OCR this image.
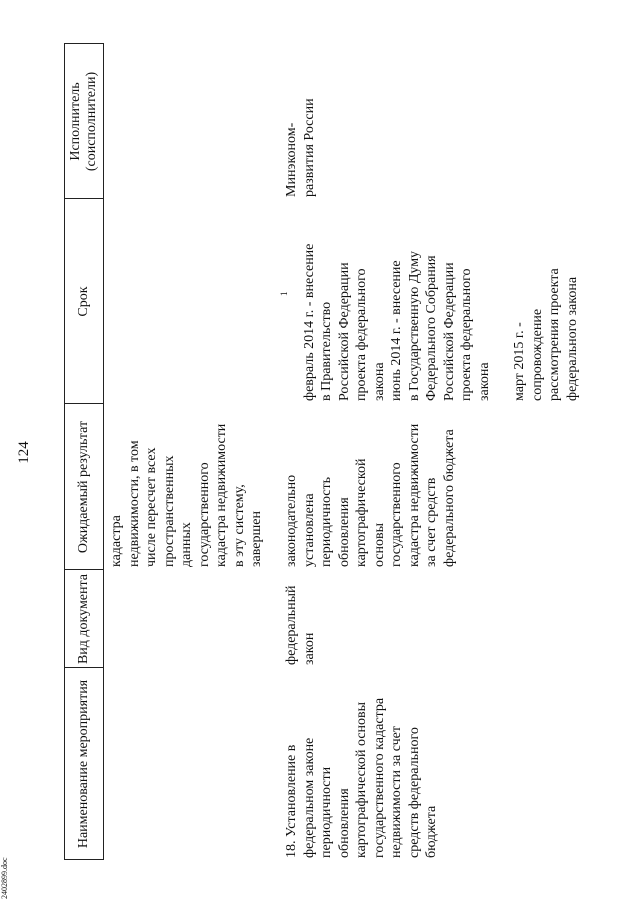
2402899.doc
124
Наименование мероприятия
Вид документа
Ожидаемый результат
Срок
Исполнитель (соисполнители)
кадастра
недвижимости, в том
числе пересчет всех
пространственных
данных
государственного
кадастра недвижимости
в эту систему,
завершен
18. Установление в
федеральном законе
периодичности
обновления
картографической основы
государственного кадастра
недвижимости за счет
средств федерального
бюджета
федеральный
закон
законодательно
установлена
периодичность
обновления
картографической
основы
государственного
кадастра недвижимости
за счет средств
федерального бюджета

февраль 2014 г. - внесение
в Правительство
Российской Федерации
проекта федерального
закона

1
июнь 2014 г. - внесение
в Государственную Думу
Федерального Собрания
Российской Федерации
проекта федерального
закона март 2015 г. -
сопровождение
рассмотрения проекта
федерального закона
Минэконом-
развития России
